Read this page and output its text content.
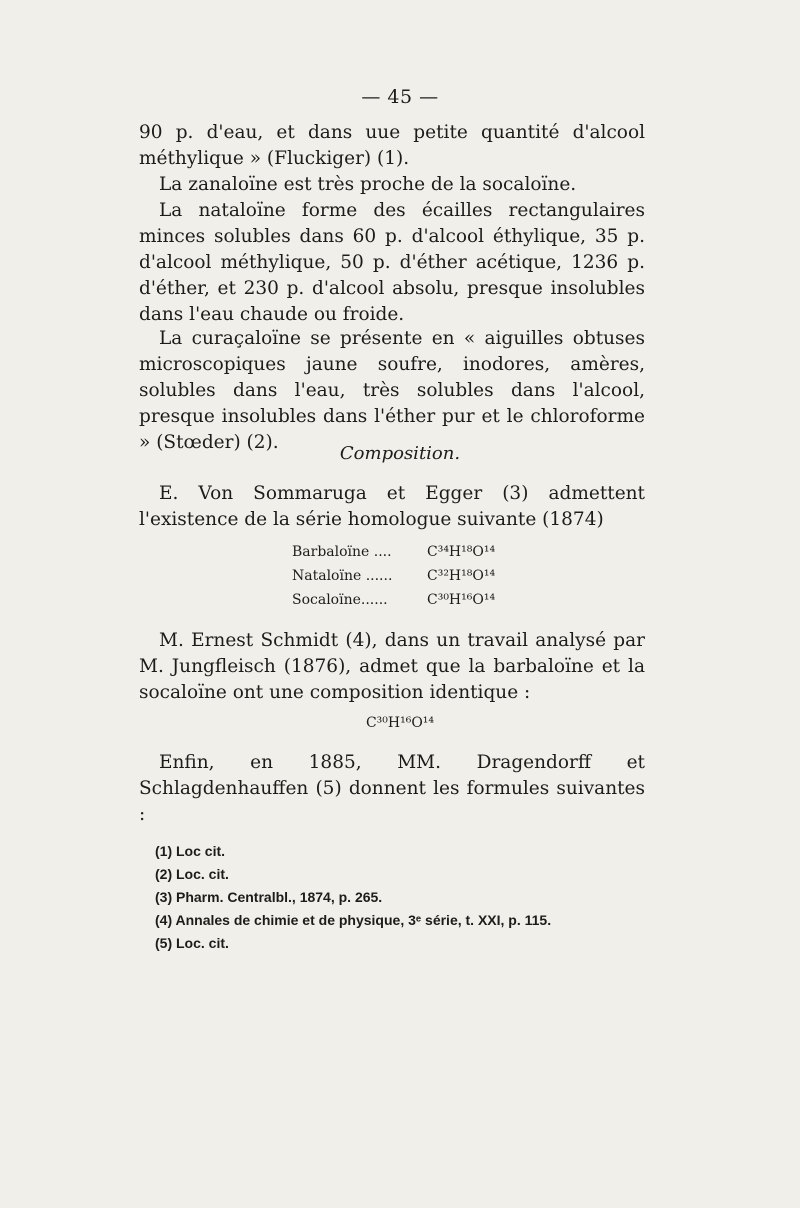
— 45 —
90 p. d'eau, et dans uue petite quantité d'alcool méthylique » (Fluckiger) (1).
La zanaloïne est très proche de la socaloïne.
La nataloïne forme des écailles rectangulaires minces solubles dans 60 p. d'alcool éthylique, 35 p. d'alcool méthylique, 50 p. d'éther acétique, 1236 p. d'éther, et 230 p. d'alcool absolu, presque insolubles dans l'eau chaude ou froide.
La curaçaloïne se présente en « aiguilles obtuses microscopiques jaune soufre, inodores, amères, solubles dans l'eau, très solubles dans l'alcool, presque insolubles dans l'éther pur et le chloroforme » (Stœder) (2).
Composition.
E. Von Sommaruga et Egger (3) admettent l'existence de la série homologue suivante (1874)
Barbaloïne ....	C³⁴H¹⁸O¹⁴
Nataloïne ......	C³²H¹⁸O¹⁴
Socaloïne......	C³⁰H¹⁶O¹⁴
M. Ernest Schmidt (4), dans un travail analysé par M. Jungfleisch (1876), admet que la barbaloïne et la socaloïne ont une composition identique :
C³⁰H¹⁶O¹⁴
Enfin, en 1885, MM. Dragendorff et Schlagdenhauffen (5) donnent les formules suivantes :
(1) Loc cit.
(2) Loc. cit.
(3) Pharm. Centralbl., 1874, p. 265.
(4) Annales de chimie et de physique, 3ᵉ série, t. XXI, p. 115.
(5) Loc. cit.
